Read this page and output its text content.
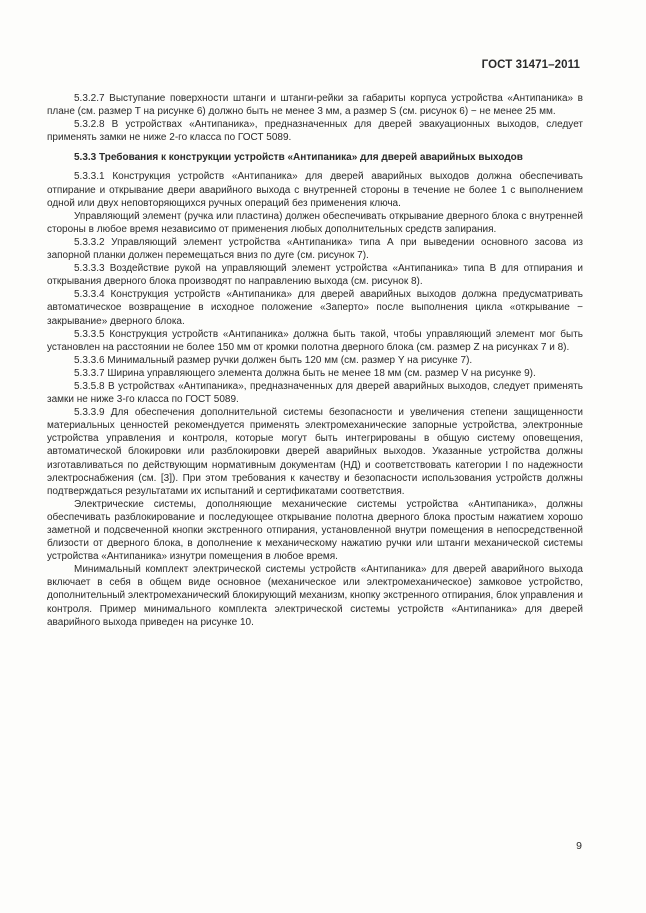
ГОСТ 31471–2011

5.3.2.7 Выступание поверхности штанги и штанги-рейки за габариты корпуса устройства «Антипаника» в плане (см. размер T на рисунке 6) должно быть не менее 3 мм, а размер S (см. рисунок 6) − не менее 25 мм.

5.3.2.8 В устройствах «Антипаника», предназначенных для дверей эвакуационных выходов, следует применять замки не ниже 2-го класса по ГОСТ 5089.

5.3.3 Требования к конструкции устройств «Антипаника» для дверей аварийных выходов

5.3.3.1 Конструкция устройств «Антипаника» для дверей аварийных выходов должна обеспечивать отпирание и открывание двери аварийного выхода с внутренней стороны в течение не более 1 с выполнением одной или двух неповторяющихся ручных операций без применения ключа.

Управляющий элемент (ручка или пластина) должен обеспечивать открывание дверного блока с внутренней стороны в любое время независимо от применения любых дополнительных средств запирания.

5.3.3.2 Управляющий элемент устройства «Антипаника» типа А при выведении основного засова из запорной планки должен перемещаться вниз по дуге (см. рисунок 7).

5.3.3.3 Воздействие рукой на управляющий элемент устройства «Антипаника» типа В для отпирания и открывания дверного блока производят по направлению выхода (см. рисунок 8).

5.3.3.4 Конструкция устройств «Антипаника» для дверей аварийных выходов должна предусматривать автоматическое возвращение в исходное положение «Заперто» после выполнения цикла «открывание − закрывание» дверного блока.

5.3.3.5 Конструкция устройств «Антипаника» должна быть такой, чтобы управляющий элемент мог быть установлен на расстоянии не более 150 мм от кромки полотна дверного блока (см. размер Z на рисунках 7 и 8).

5.3.3.6 Минимальный размер ручки должен быть 120 мм (см. размер Y на рисунке 7).

5.3.3.7 Ширина управляющего элемента должна быть не менее 18 мм (см. размер V на рисунке 9).

5.3.5.8 В устройствах «Антипаника», предназначенных для дверей аварийных выходов, следует применять замки не ниже 3-го класса по ГОСТ 5089.

5.3.3.9 Для обеспечения дополнительной системы безопасности и увеличения степени защищенности материальных ценностей рекомендуется применять электромеханические запорные устройства, электронные устройства управления и контроля, которые могут быть интегрированы в общую систему оповещения, автоматической блокировки или разблокировки дверей аварийных выходов. Указанные устройства должны изготавливаться по действующим нормативным документам (НД) и соответствовать категории I по надежности электроснабжения (см. [3]). При этом требования к качеству и безопасности использования устройств должны подтверждаться результатами их испытаний и сертификатами соответствия.

Электрические системы, дополняющие механические системы устройства «Антипаника», должны обеспечивать разблокирование и последующее открывание полотна дверного блока простым нажатием хорошо заметной и подсвеченной кнопки экстренного отпирания, установленной внутри помещения в непосредственной близости от дверного блока, в дополнение к механическому нажатию ручки или штанги механической системы устройства «Антипаника» изнутри помещения в любое время.

Минимальный комплект электрической системы устройств «Антипаника» для дверей аварийного выхода включает в себя в общем виде основное (механическое или электромеханическое) замковое устройство, дополнительный электромеханический блокирующий механизм, кнопку экстренного отпирания, блок управления и контроля. Пример минимального комплекта электрической системы устройств «Антипаника» для дверей аварийного выхода приведен на рисунке 10.

9
